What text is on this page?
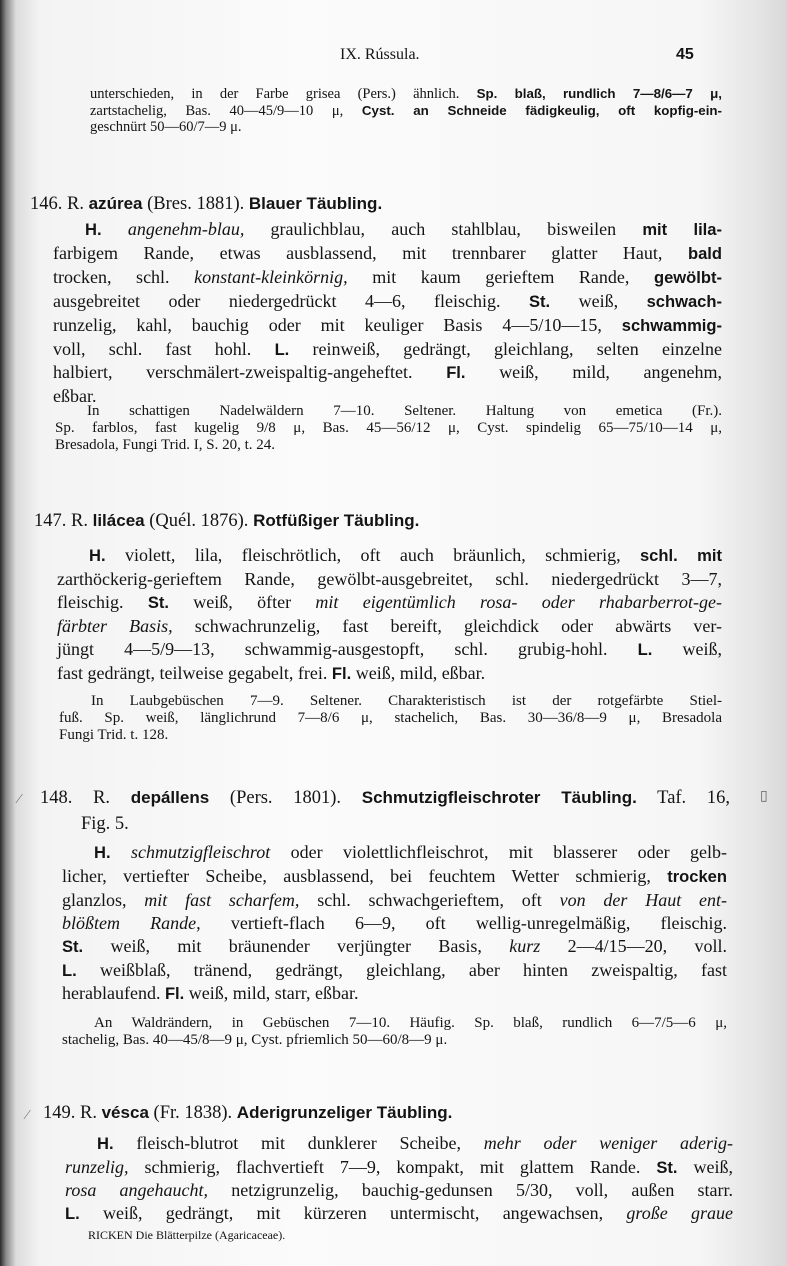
IX. Rússula.	45
unterschieden, in der Farbe grisea (Pers.) ähnlich. Sp. blaß, rundlich 7—8/6—7 μ,
zartstachelig, Bas. 40—45/9—10 μ, Cyst. an Schneide fädigkeulig, oft kopfig-ein-
geschnürt 50—60/7—9 μ.
146. R. azúrea (Bres. 1881). Blauer Täubling.
H. angenehm-blau, graulichblau, auch stahlblau, bisweilen mit lila-
farbigem Rande, etwas ausblassend, mit trennbarer glatter Haut, bald
trocken, schl. konstant-kleinkörnig, mit kaum gerieftem Rande, gewölbt-
ausgebreitet oder niedergedrückt 4—6, fleischig. St. weiß, schwach-
runzelig, kahl, bauchig oder mit keuliger Basis 4—5/10—15, schwammig-
voll, schl. fast hohl. L. reinweiß, gedrängt, gleichlang, selten einzelne
halbiert, verschmälert-zweispaltig-angeheftet. Fl. weiß, mild, angenehm,
eßbar.
In schattigen Nadelwäldern 7—10. Seltener. Haltung von emetica (Fr.).
Sp. farblos, fast kugelig 9/8 μ, Bas. 45—56/12 μ, Cyst. spindelig 65—75/10—14 μ,
Bresadola, Fungi Trid. I, S. 20, t. 24.
147. R. lilácea (Quél. 1876). Rotfüßiger Täubling.
H. violett, lila, fleischrötlich, oft auch bräunlich, schmierig, schl. mit
zarthöckerig-gerieftem Rande, gewölbt-ausgebreitet, schl. niedergedrückt 3—7,
fleischig. St. weiß, öfter mit eigentümlich rosa- oder rhabarberrot-ge-
färbter Basis, schwachrunzelig, fast bereift, gleichdick oder abwärts ver-
jüngt 4—5/9—13, schwammig-ausgestopft, schl. grubig-hohl. L. weiß,
fast gedrängt, teilweise gegabelt, frei. Fl. weiß, mild, eßbar.
In Laubgebüschen 7—9. Seltener. Charakteristisch ist der rotgefärbte Stiel-
fuß. Sp. weiß, länglichrund 7—8/6 μ, stachelich, Bas. 30—36/8—9 μ, Bresadola
Fungi Trid. t. 128.
⁄ 148. R. depállens (Pers. 1801). Schmutzigfleischroter Täubling. Taf. 16,
Fig. 5.
▯
H. schmutzigfleischrot oder violettlichfleischrot, mit blasserer oder gelb-
licher, vertiefter Scheibe, ausblassend, bei feuchtem Wetter schmierig, trocken
glanzlos, mit fast scharfem, schl. schwachgerieftem, oft von der Haut ent-
blößtem Rande, vertieft-flach 6—9, oft wellig-unregelmäßig, fleischig.
St. weiß, mit bräunender verjüngter Basis, kurz 2—4/15—20, voll.
L. weißblaß, tränend, gedrängt, gleichlang, aber hinten zweispaltig, fast
herablaufend. Fl. weiß, mild, starr, eßbar.
An Waldrändern, in Gebüschen 7—10. Häufig. Sp. blaß, rundlich 6—7/5—6 μ,
stachelig, Bas. 40—45/8—9 μ, Cyst. pfriemlich 50—60/8—9 μ.
⁄ 149. R. vésca (Fr. 1838). Aderigrunzeliger Täubling.
H. fleisch-blutrot mit dunklerer Scheibe, mehr oder weniger aderig-
runzelig, schmierig, flachvertieft 7—9, kompakt, mit glattem Rande. St. weiß,
rosa angehaucht, netzigrunzelig, bauchig-gedunsen 5/30, voll, außen starr.
L. weiß, gedrängt, mit kürzeren untermischt, angewachsen, große graue
RICKEN Die Blätterpilze (Agaricaceae).
